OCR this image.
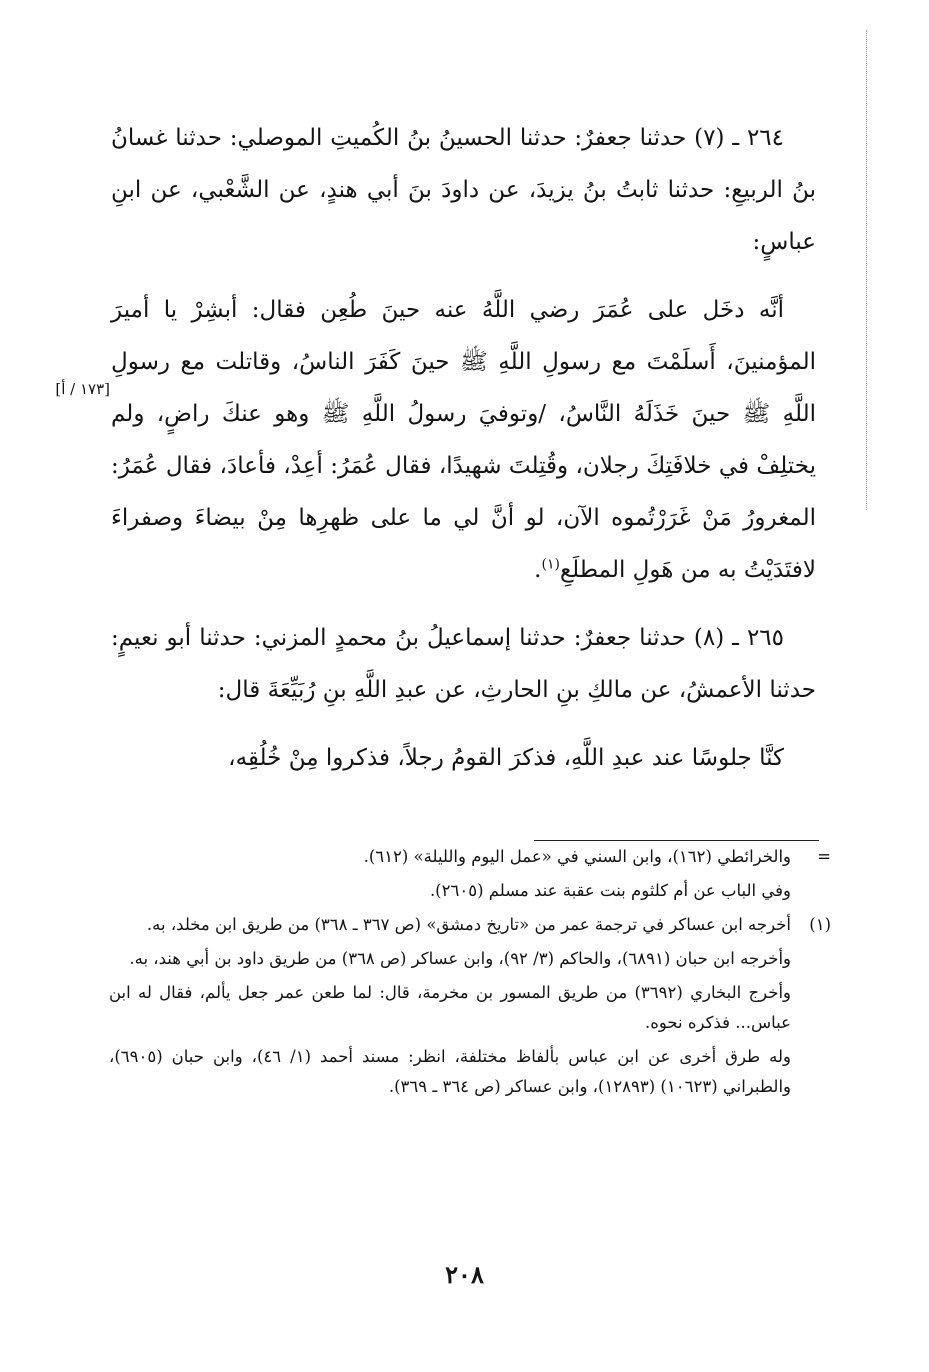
٢٦٤ ـ (٧) حدثنا جعفرٌ: حدثنا الحسينُ بنُ الكُميتِ الموصلي: حدثنا غسانُ بنُ الربيعِ: حدثنا ثابتُ بنُ يزيدَ، عن داودَ بنَ أبي هندٍ، عن الشَّعْبي، عن ابنِ عباسٍ:

أنَّه دخَل على عُمَرَ رضي اللَّهُ عنه حينَ طُعِن فقال: أبشِرْ يا أميرَ المؤمنينَ، أَسلَمْتَ مع رسولِ اللَّهِ ﷺ حينَ كَفَرَ الناسُ، وقاتلت مع رسولِ اللَّهِ ﷺ حينَ خَذَلَهُ النَّاسُ، /وتوفيَ رسولُ اللَّهِ ﷺ وهو عنكَ راضٍ، ولم يختلِفْ في خلافَتِكَ رجلان، وقُتِلتَ شهيدًا، فقال عُمَرُ: أعِدْ، فأعادَ، فقال عُمَرُ: المغرورُ مَنْ غَرَرْتُموه الآن، لو أنَّ لي ما على ظهرِها مِنْ بيضاءَ وصفراءَ لافتَدَيْتُ به من هَولِ المطلَعِ$^{(١)}$.

٢٦٥ ـ (٨) حدثنا جعفرٌ: حدثنا إسماعيلُ بنُ محمدٍ المزني: حدثنا أبو نعيمٍ: حدثنا الأعمشُ، عن مالكِ بنِ الحارثِ، عن عبدِ اللَّهِ بنِ رُبَيِّعَةَ قال:

كنَّا جلوسًا عند عبدِ اللَّهِ، فذكرَ القومُ رجلاً، فذكروا مِنْ خُلُقِه،

[١٧٣ / أ]
=
والخرائطي (١٦٢)، وابن السني في «عمل اليوم والليلة» (٦١٢).

وفي الباب عن أم كلثوم بنت عقبة عند مسلم (٢٦٠٥).

(١)
أخرجه ابن عساكر في ترجمة عمر من «تاريخ دمشق» (ص ٣٦٧ ـ ٣٦٨) من طريق ابن مخلد، به.

وأخرجه ابن حبان (٦٨٩١)، والحاكم (٣/ ٩٢)، وابن عساكر (ص ٣٦٨) من طريق داود بن أبي هند، به.

وأخرج البخاري (٣٦٩٢) من طريق المسور بن مخرمة، قال: لما طعن عمر جعل يألم، فقال له ابن عباس... فذكره نحوه.

وله طرق أخرى عن ابن عباس بألفاظ مختلفة، انظر: مسند أحمد (١/ ٤٦)، وابن حبان (٦٩٠٥)، والطبراني (١٠٦٢٣) (١٢٨٩٣)، وابن عساكر (ص ٣٦٤ ـ ٣٦٩).

٢٠٨
